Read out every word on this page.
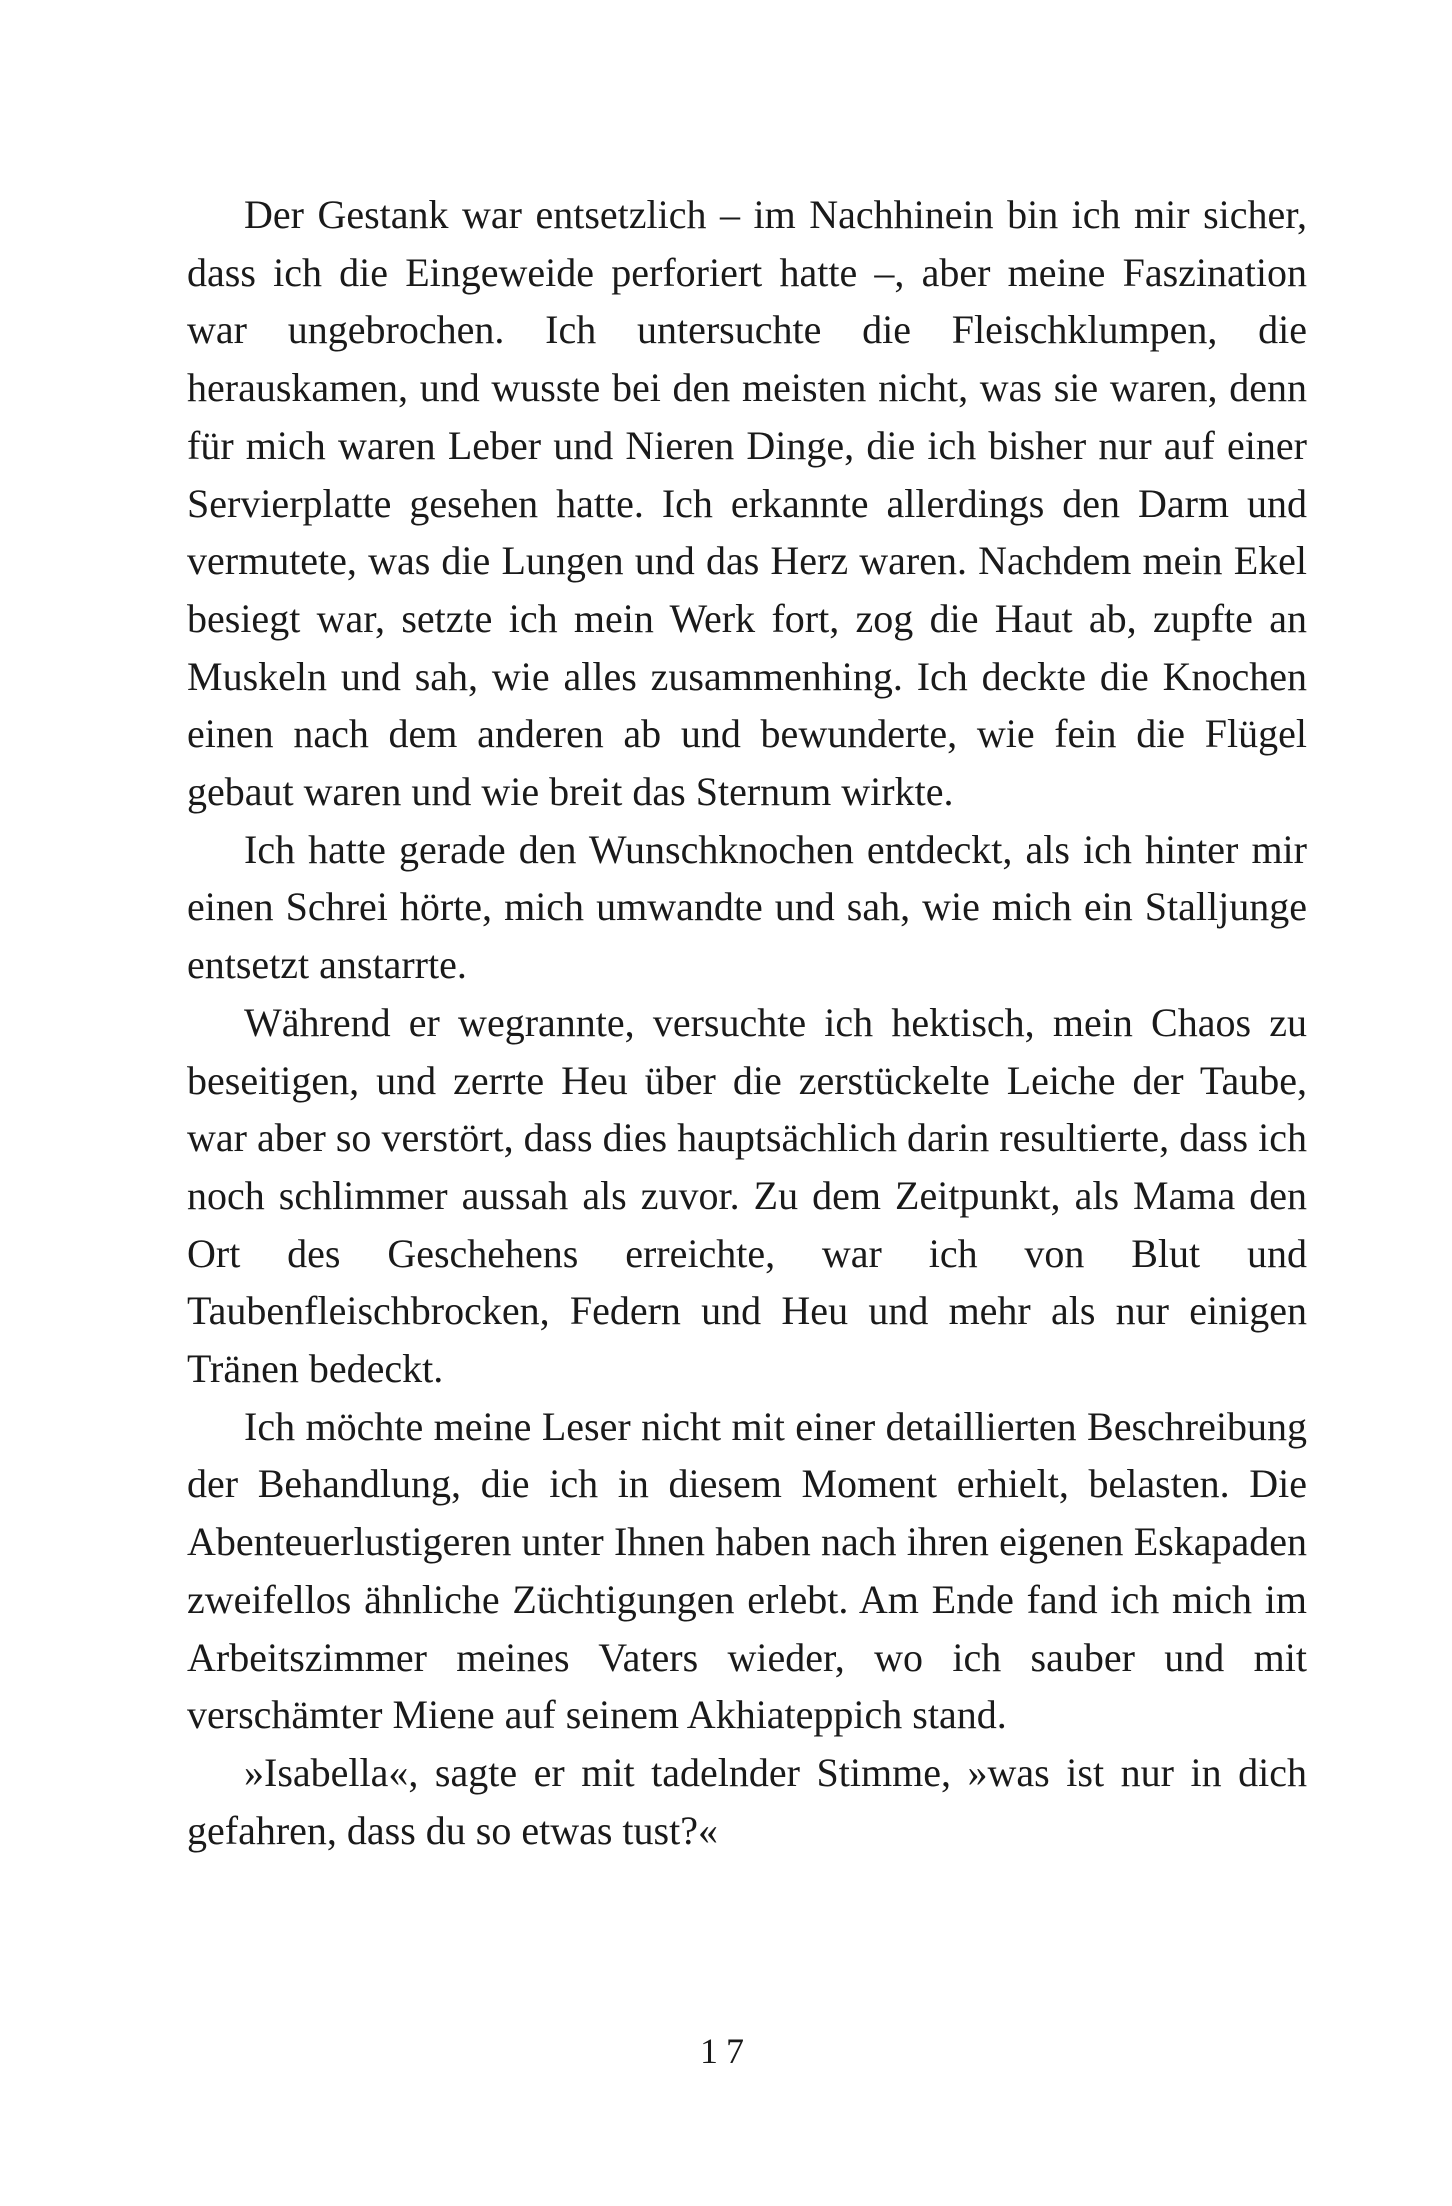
Der Gestank war entsetzlich – im Nachhinein bin ich mir sicher, dass ich die Eingeweide perforiert hatte –, aber meine Faszination war ungebrochen. Ich untersuchte die Fleischklumpen, die herauskamen, und wusste bei den meisten nicht, was sie waren, denn für mich waren Leber und Nieren Dinge, die ich bisher nur auf einer Servierplatte gesehen hatte. Ich erkannte allerdings den Darm und vermutete, was die Lungen und das Herz waren. Nachdem mein Ekel besiegt war, setzte ich mein Werk fort, zog die Haut ab, zupfte an Muskeln und sah, wie alles zusammenhing. Ich deckte die Knochen einen nach dem anderen ab und bewunderte, wie fein die Flügel gebaut waren und wie breit das Sternum wirkte.

Ich hatte gerade den Wunschknochen entdeckt, als ich hinter mir einen Schrei hörte, mich umwandte und sah, wie mich ein Stalljunge entsetzt anstarrte.

Während er wegrannte, versuchte ich hektisch, mein Chaos zu beseitigen, und zerrte Heu über die zerstückelte Leiche der Taube, war aber so verstört, dass dies hauptsächlich darin resultierte, dass ich noch schlimmer aussah als zuvor. Zu dem Zeitpunkt, als Mama den Ort des Geschehens erreichte, war ich von Blut und Taubenfleischbrocken, Federn und Heu und mehr als nur einigen Tränen bedeckt.

Ich möchte meine Leser nicht mit einer detaillierten Beschreibung der Behandlung, die ich in diesem Moment erhielt, belasten. Die Abenteuerlustigeren unter Ihnen haben nach ihren eigenen Eskapaden zweifellos ähnliche Züchtigungen erlebt. Am Ende fand ich mich im Arbeitszimmer meines Vaters wieder, wo ich sauber und mit verschämter Miene auf seinem Akhiateppich stand.

»Isabella«, sagte er mit tadelnder Stimme, »was ist nur in dich gefahren, dass du so etwas tust?«

17
